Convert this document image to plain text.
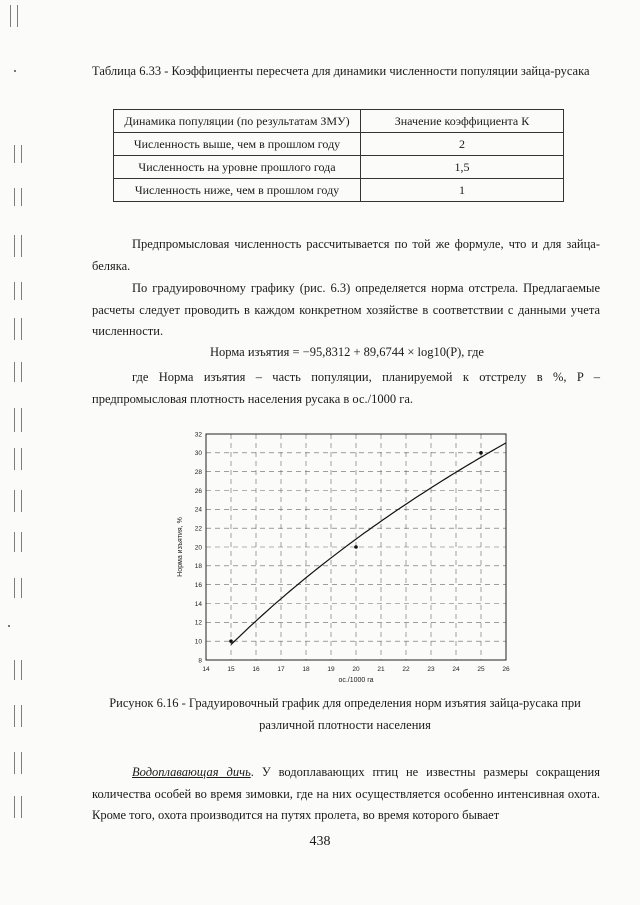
Таблица 6.33 - Коэффициенты пересчета для динамики численности популяции зайца-русака
Динамика популяции (по результатам ЗМУ)	Значение коэффициента К
Численность выше, чем в прошлом году	2
Численность на уровне прошлого года	1,5
Численность ниже, чем в прошлом году	1

Предпромысловая численность рассчитывается по той же формуле, что и для зайца-беляка.

По градуировочному графику (рис. 6.3) определяется норма отстрела. Предлагаемые расчеты следует проводить в каждом конкретном хозяйстве в соответствии с данными учета численности.

Норма изъятия = −95,8312 + 89,6744 × log10(P), где

где Норма изъятия – часть популяции, планируемой к отстрелу в %, P – предпромысловая плотность населения русака в ос./1000 га.

14	15	16	17	18	19	20	21	22	23	24	25	26
8
10
12
14
16
18
20
22
24
26
28
30
32
ос./1000 га
Норма изъятия, %
Рисунок 6.16 - Градуировочный график для определения норм изъятия зайца-русака при различной плотности населения

Водоплавающая дичь. У водоплавающих птиц не известны размеры сокращения количества особей во время зимовки, где на них осуществляется особенно интенсивная охота. Кроме того, охота производится на путях пролета, во время которого бывает

438
